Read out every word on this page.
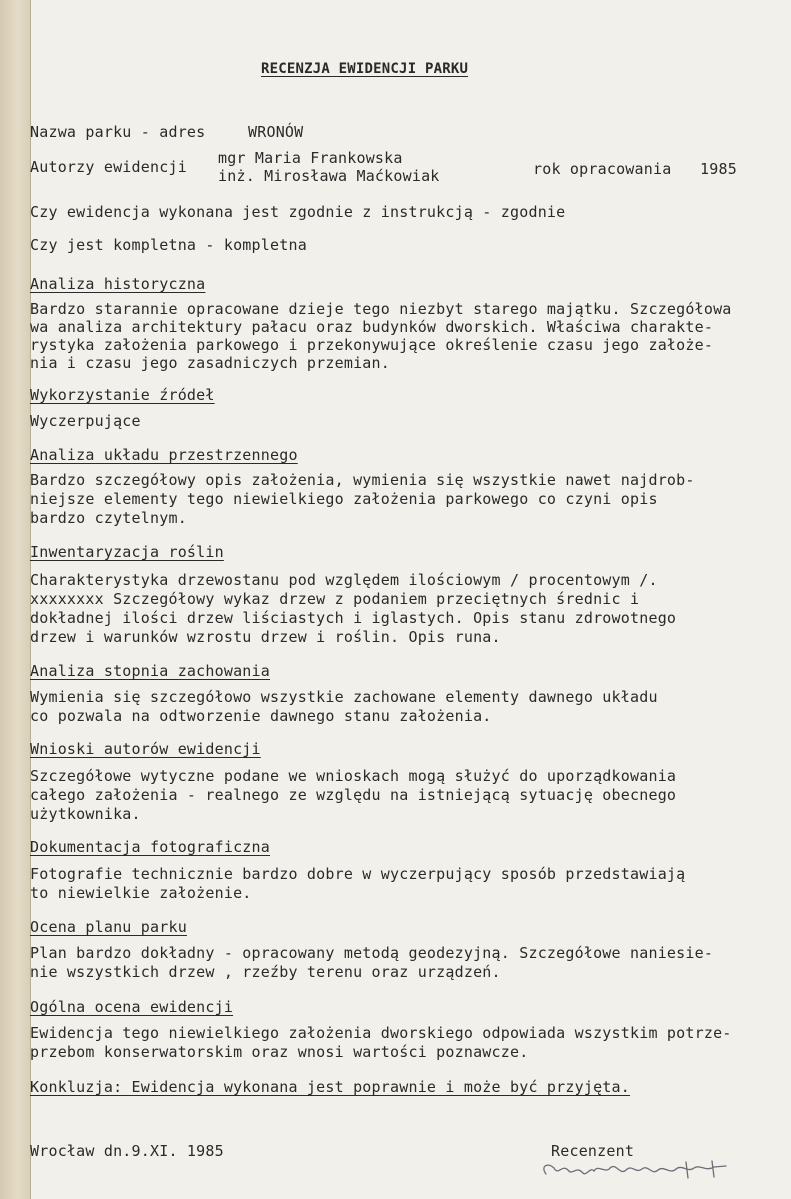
RECENZJA EWIDENCJI PARKU
Nazwa parku - adres	WRONÓW
Autorzy ewidencji mgr Maria Frankowska
inż. Mirosława Maćkowiak	rok opracowania 1985
Czy ewidencja wykonana jest zgodnie z instrukcją - zgodnie
Czy jest kompletna - kompletna
Analiza historyczna
Bardzo starannie opracowane dzieje tego niezbyt starego majątku. Szczegółowa
wa analiza architektury pałacu oraz budynków dworskich. Właściwa charakte-
rystyka założenia parkowego i przekonywujące określenie czasu jego założe-
nia i czasu jego zasadniczych przemian.
Wykorzystanie źródeł
Wyczerpujące
Analiza układu przestrzennego
Bardzo szczegółowy opis założenia, wymienia się wszystkie nawet najdrob-
niejsze elementy tego niewielkiego założenia parkowego co czyni opis
bardzo czytelnym.
Inwentaryzacja roślin
Charakterystyka drzewostanu pod względem ilościowym / procentowym /.
xxxxxxxx Szczegółowy wykaz drzew z podaniem przeciętnych średnic i
dokładnej ilości drzew liściastych i iglastych. Opis stanu zdrowotnego
drzew i warunków wzrostu drzew i roślin. Opis runa.
Analiza stopnia zachowania
Wymienia się szczegółowo wszystkie zachowane elementy dawnego układu
co pozwala na odtworzenie dawnego stanu założenia.
Wnioski autorów ewidencji
Szczegółowe wytyczne podane we wnioskach mogą służyć do uporządkowania
całego założenia - realnego ze względu na istniejącą sytuację obecnego
użytkownika.
Dokumentacja fotograficzna
Fotografie technicznie bardzo dobre w wyczerpujący sposób przedstawiają
to niewielkie założenie.
Ocena planu parku
Plan bardzo dokładny - opracowany metodą geodezyjną. Szczegółowe naniesie-
nie wszystkich drzew , rzeźby terenu oraz urządzeń.
Ogólna ocena ewidencji
Ewidencja tego niewielkiego założenia dworskiego odpowiada wszystkim potrze-
przebom konserwatorskim oraz wnosi wartości poznawcze.
Konkluzja: Ewidencja wykonana jest poprawnie i może być przyjęta.
Wrocław dn.9.XI. 1985	Recenzent
